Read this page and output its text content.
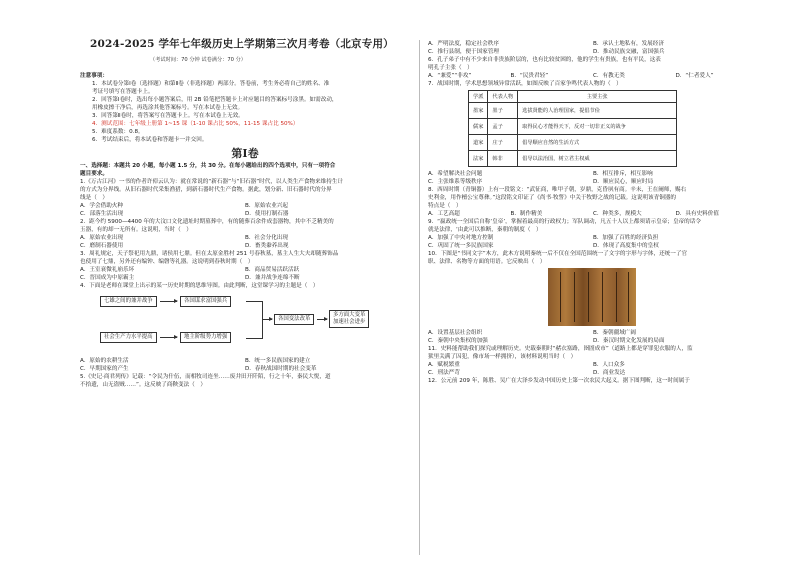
2024-2025 学年七年级历史上学期第三次月考卷（北京专用）
（考试时间：70 分钟 试卷满分：70 分）

注意事项：

1．本试卷分第Ⅰ卷（选择题）和第Ⅱ卷（非选择题）两部分。答卷前，考生务必将自己的姓名、准

考证号填写在答题卡上。

2．回答第Ⅰ卷时，选出每小题答案后，用 2B 铅笔把答题卡上对应题目的答案标号涂黑。如需改动，

用橡皮擦干净后，再选涂其他答案标号。写在本试卷上无效。

3．回答第Ⅱ卷时，将答案写在答题卡上。写在本试卷上无效。

4．测试范围：七年级上册第 1~15 课（1-10 课占比 50%，11-15 课占比 50%）

5．难度系数：0.8。

6．考试结束后，将本试卷和答题卡一并交回。

第Ⅰ卷

一、选择题：本题共 20 小题，每小题 1.5 分，共 30 分。在每小题给出的四个选项中，只有一项符合

题目要求。

1.《万古江河》一书的作者许倬云认为：就在常说的“新石器”与“旧石器”时代，以人类生产食物来维持生计

的方式为分界线。从旧石器时代采集渔猎，到新石器时代生产食物。据此，划分新、旧石器时代的分界

线是（　）

A．学会借助火种	B．原始农业兴起
C．部落生活出现	D．使用打制石器

2．距今约 5900—4400 年的大汶口文化遗址时期墓葬中，有的随葬百余件成套器物，其中不乏精美的

玉器，有的却一无所有。这说明，当时（　）

A．原始农业出现	B．社会分化出现
C．磨制石器使用	D．畜类豢养出现

3．周礼规定，天子祭祀用九鼎，诸侯用七鼎。但在太原金胜村 251 号春秋墓，墓主人生大夫却随葬饰品

也使用了七鼎，另外还有编钟、编磬等礼器。这说明到春秋时期（　）

A．王室衰微礼崩乐坏	B．商品贸易活跃活跃
C．晋国成为中原霸主	D．兼并战争连绵不断

4．下面是老师在课堂上出示的某一历史时期的思维导图。由此判断，这堂课学习的主题是（　）

七雄之间的兼并战争	各国谋求富国强兵
社会生产力水平提高	地主阶级势力增强
各国变法改革
多方面大变革
加速社会进步
A．原始的农耕生活	B．统一多民族国家的建立
C．早期国家的产生	D．春秋战国时期的社会变革

5.《史记·商君列传》记载：“令民为什伍，而相牧司连坐……废井田开阡陌，行之十年，秦民大悦，道

不拾遗，山无盗贼……”。这反映了商鞅变法（　）

A．严明法度，稳定社会秩序	B．承认土地私有，发展经济
C．推行县制，便于国家管理	D．推动民族交融，富国强兵

6．孔子弟子中有不少来自非贵族阶层的，也有比较贫困的，他的学生有贵族，也有平民，这表

明孔子主张（　）

A．“兼爱”“非攻”	B．“民贵君轻”	C．有教无类	D．“仁者爱人”

7．战国时期，学术思想领域异常活跃，如图反映了百家争鸣代表人物的（　）

学派	代表人物	主要主张
墨家	墨子	选拔贤能的人治理国家，提倡节俭
儒家	孟子	取得民心才能得天下，反对一切非正义的战争
道家	庄子	倡导顺应自然的生活方式
法家	韩非	倡导以法治国，树立君主权威
A．希望解决社会问题	B．相互排斥，相互影响
C．主张维系等级秩序	D．顺应民心，顺应时局

8．西周时期（青铜器）上有一段铭文：“武征商，唯甲子朝，岁鼎，克昏夙有商。辛未，王在阑师，赐右

史利金，用作檀公宝尊彝。”这段铭文印证了《尚书·牧誓》中关于牧野之战的记载。这说明该青铜器的

特点是（　）

A．工艺高超	B．制作精美	C．种类多，规模大	D．具有史料价值

9．“嬴政统一全国后自称‘皇帝’，掌握着最高的行政权力；军队调动，凡五十人以上都须请示皇帝；皇帝的话令

就是法律，‘由此可以推断，秦朝的制度（　）

A．加强了中央对地方控制	B．加强了百姓的经济负担
C．巩固了统一多民族国家	D．体现了高度集中的皇权

10．下图是“书同文字”木方，此木方说明秦统一后不仅在全国范围统一了文字的字形与字体，还统一了官

职、法律、名物等方面的用语。它反映出（　）

A．设置基层社会组织	B．秦朝疆域广阔
C．秦朝中央集权的加强	D．秦汉时期文化发展的局面

11．史料能帮助我们探究或理解历史。史载秦朝时“赭衣塞路，囹圄成市”（道路上都是穿罪犯衣服的人，监

狱里关满了囚犯，像市场一样拥挤），该材料说明当时（　）

A．赋税繁重	B．人口众多
C．刑法严苛	D．商业发达

12．公元前 209 年，陈胜、吴广在大泽乡发动中国历史上第一次农民大起义。据下图判断，这一时间属于
